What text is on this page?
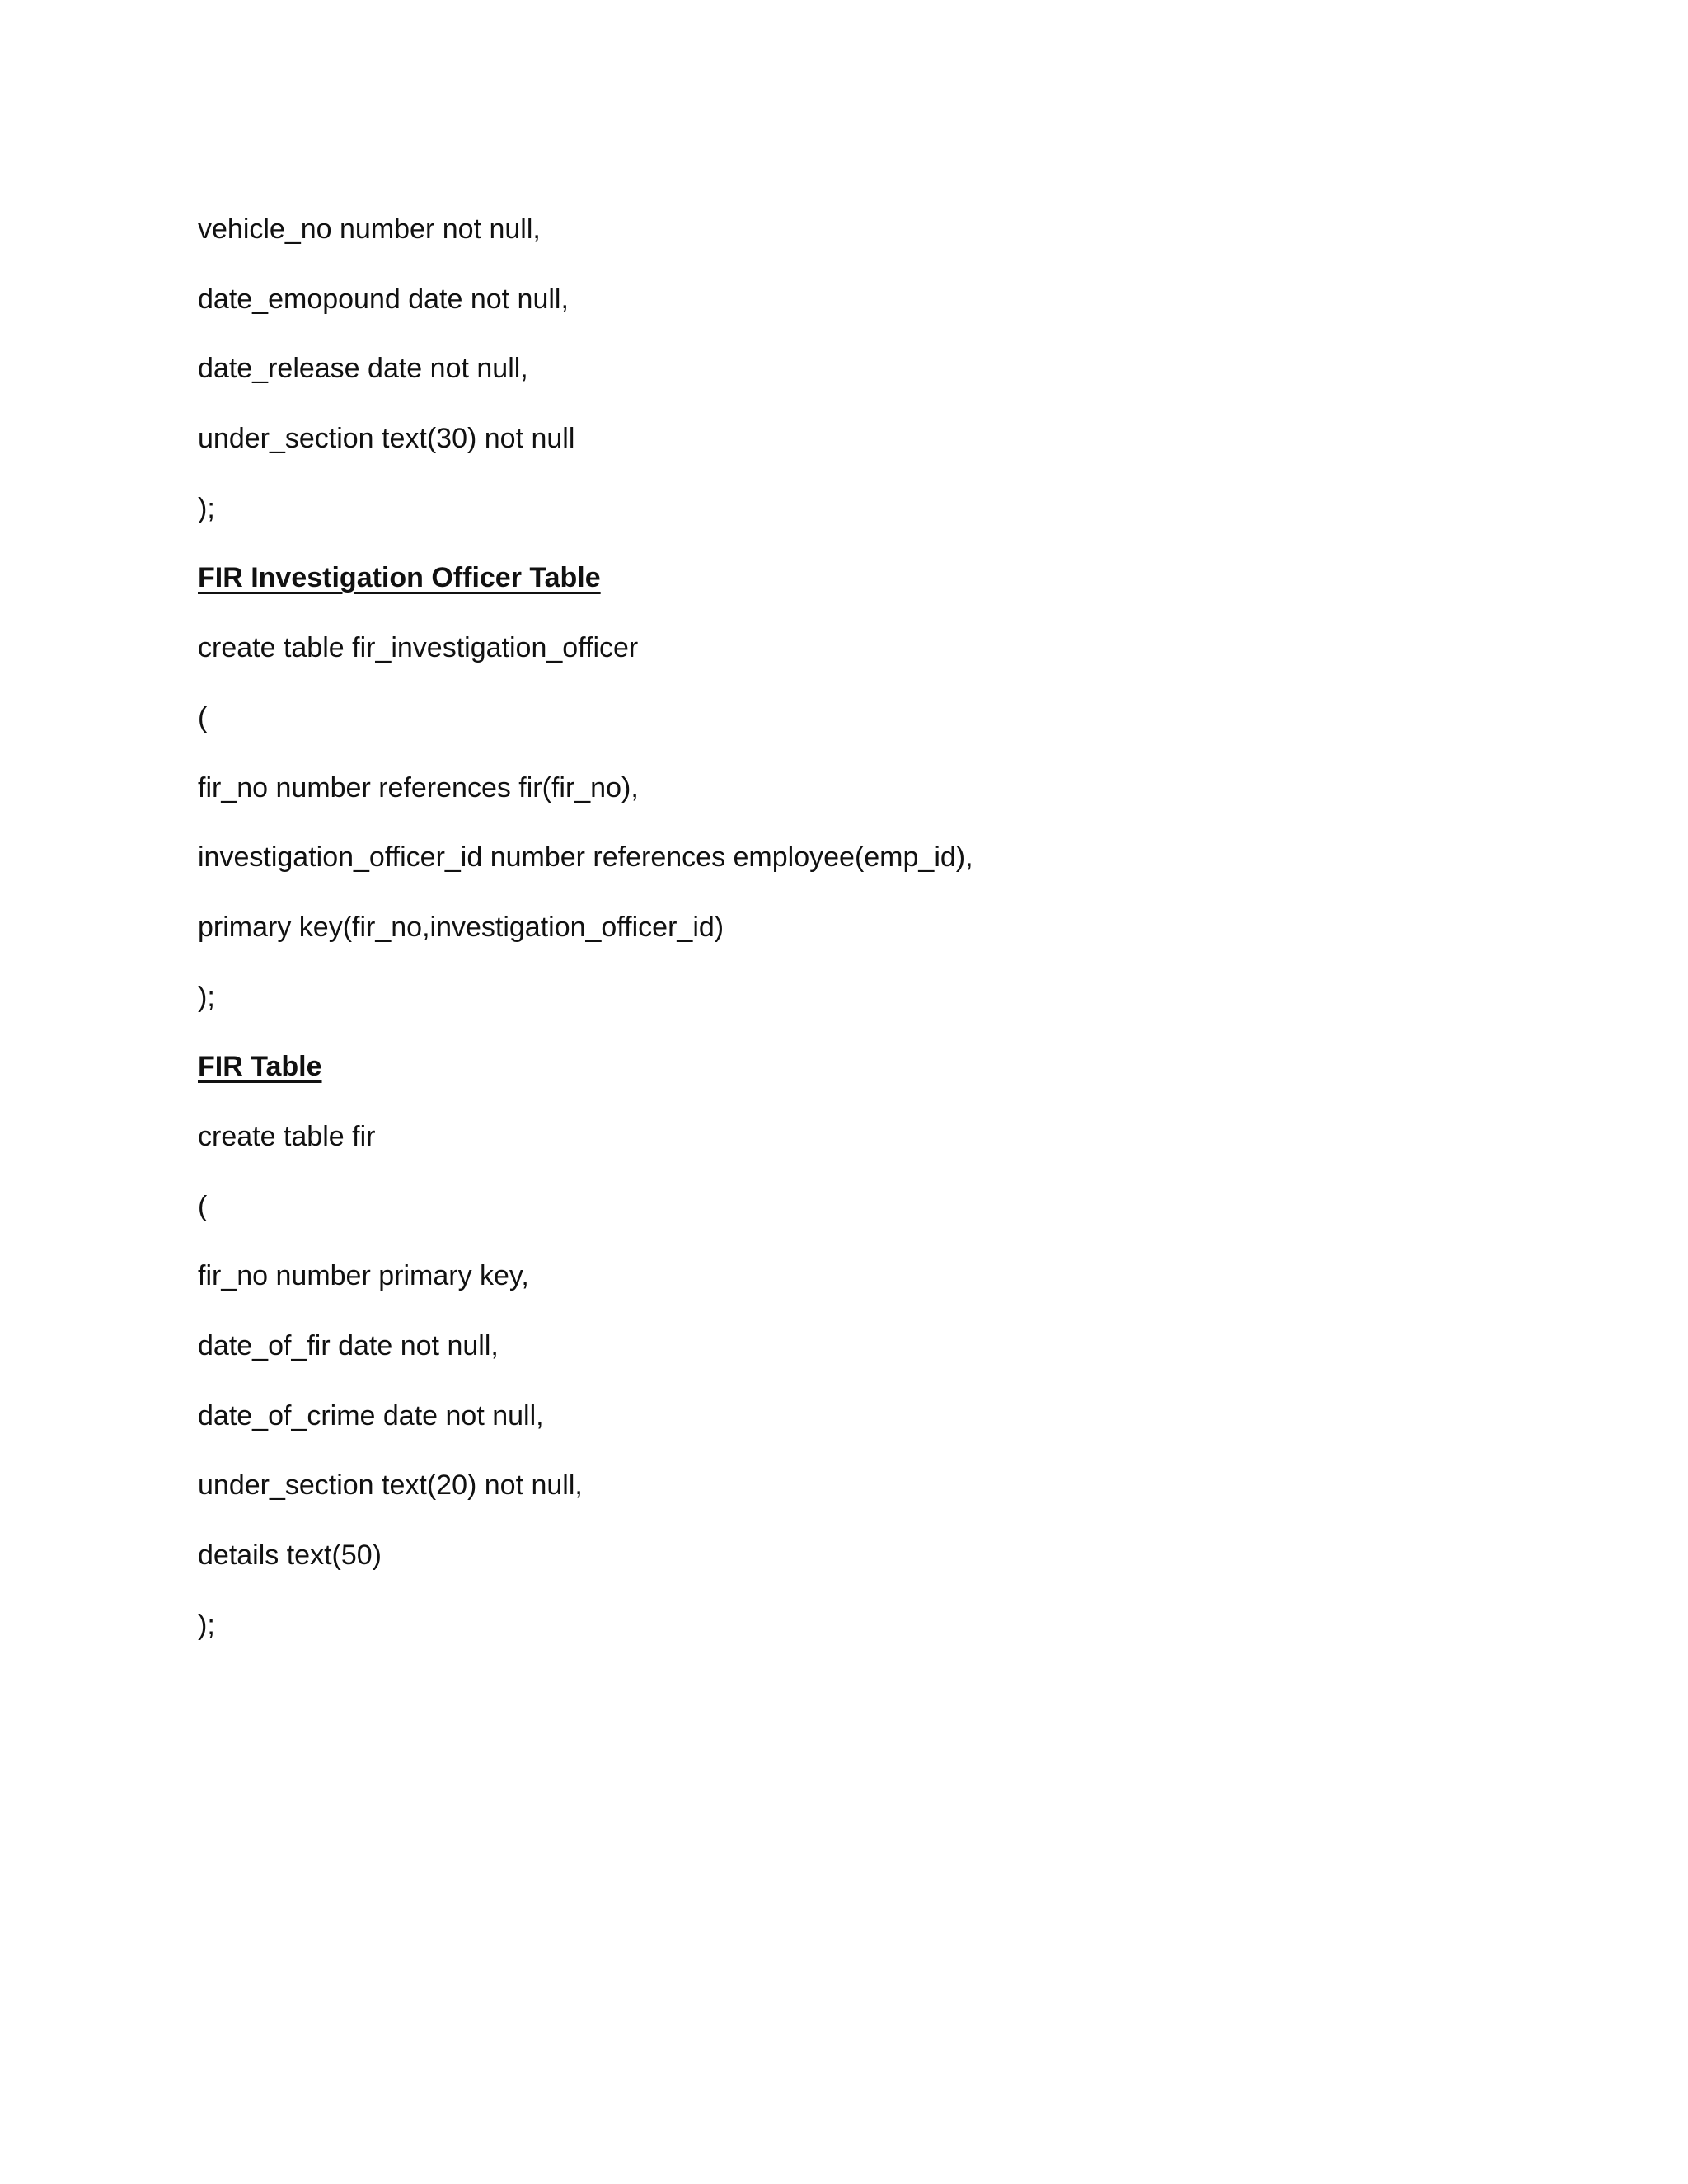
vehicle_no number not null,
date_emopound date not null,
date_release date not null,
under_section text(30) not null
);
FIR Investigation Officer Table
create table fir_investigation_officer
(
fir_no number references fir(fir_no),
investigation_officer_id number references employee(emp_id),
primary key(fir_no,investigation_officer_id)
);
FIR Table
create table fir
(
fir_no number primary key,
date_of_fir date not null,
date_of_crime date not null,
under_section text(20) not null,
details text(50)
);
